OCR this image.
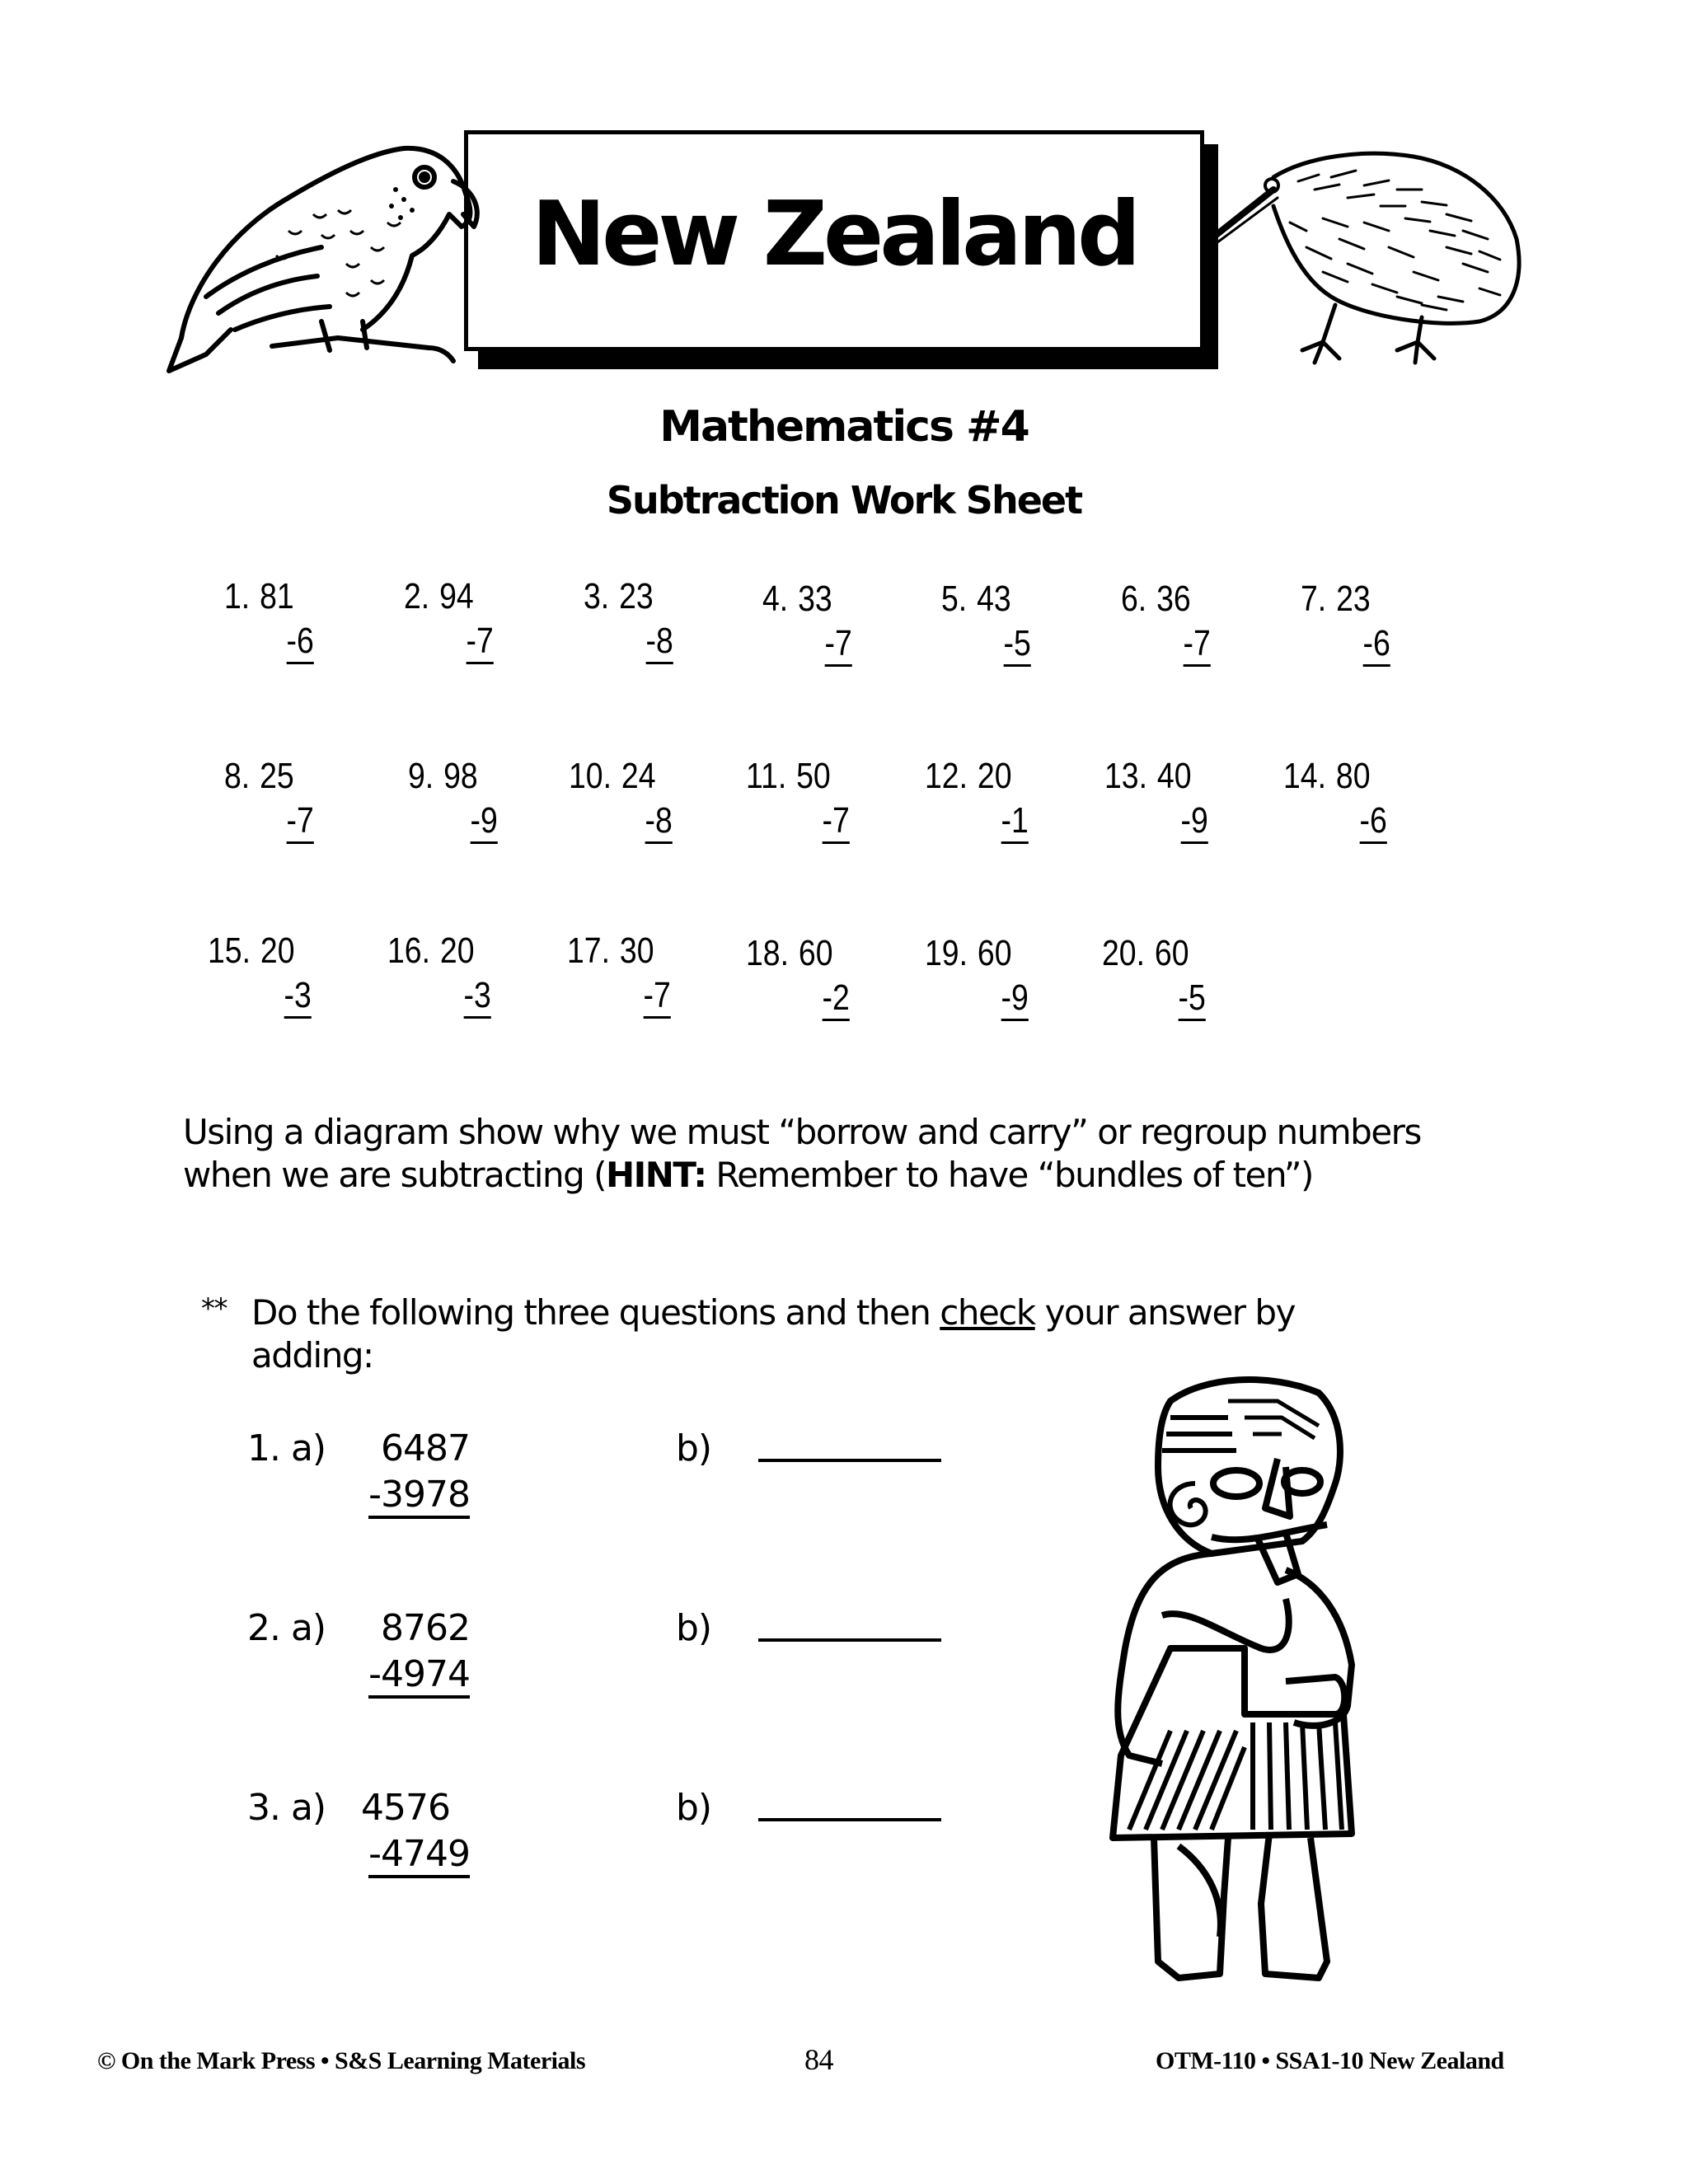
New Zealand
Mathematics #4
Subtraction Work Sheet
1. 81
-6
2. 94
-7
3. 23
-8
4. 33
-7
5. 43
-5
6. 36
-7
7. 23
-6
8. 25
-7
9. 98
-9
10. 24
-8
11. 50
-7
12. 20
-1
13. 40
-9
14. 80
-6
15. 20
-3
16. 20
-3
17. 30
-7
18. 60
-2
19. 60
-9
20. 60
-5
Using a diagram show why we must “borrow and carry” or regroup numbers when we are subtracting (HINT: Remember to have “bundles of ten”)
** Do the following three questions and then check your answer by adding:
1. a) 6487
-3978
b)
2. a) 8762
-4974
b)
3. a) 4576
-4749
b)
© On the Mark Press • S&S Learning Materials	84	OTM-110 • SSA1-10 New Zealand
